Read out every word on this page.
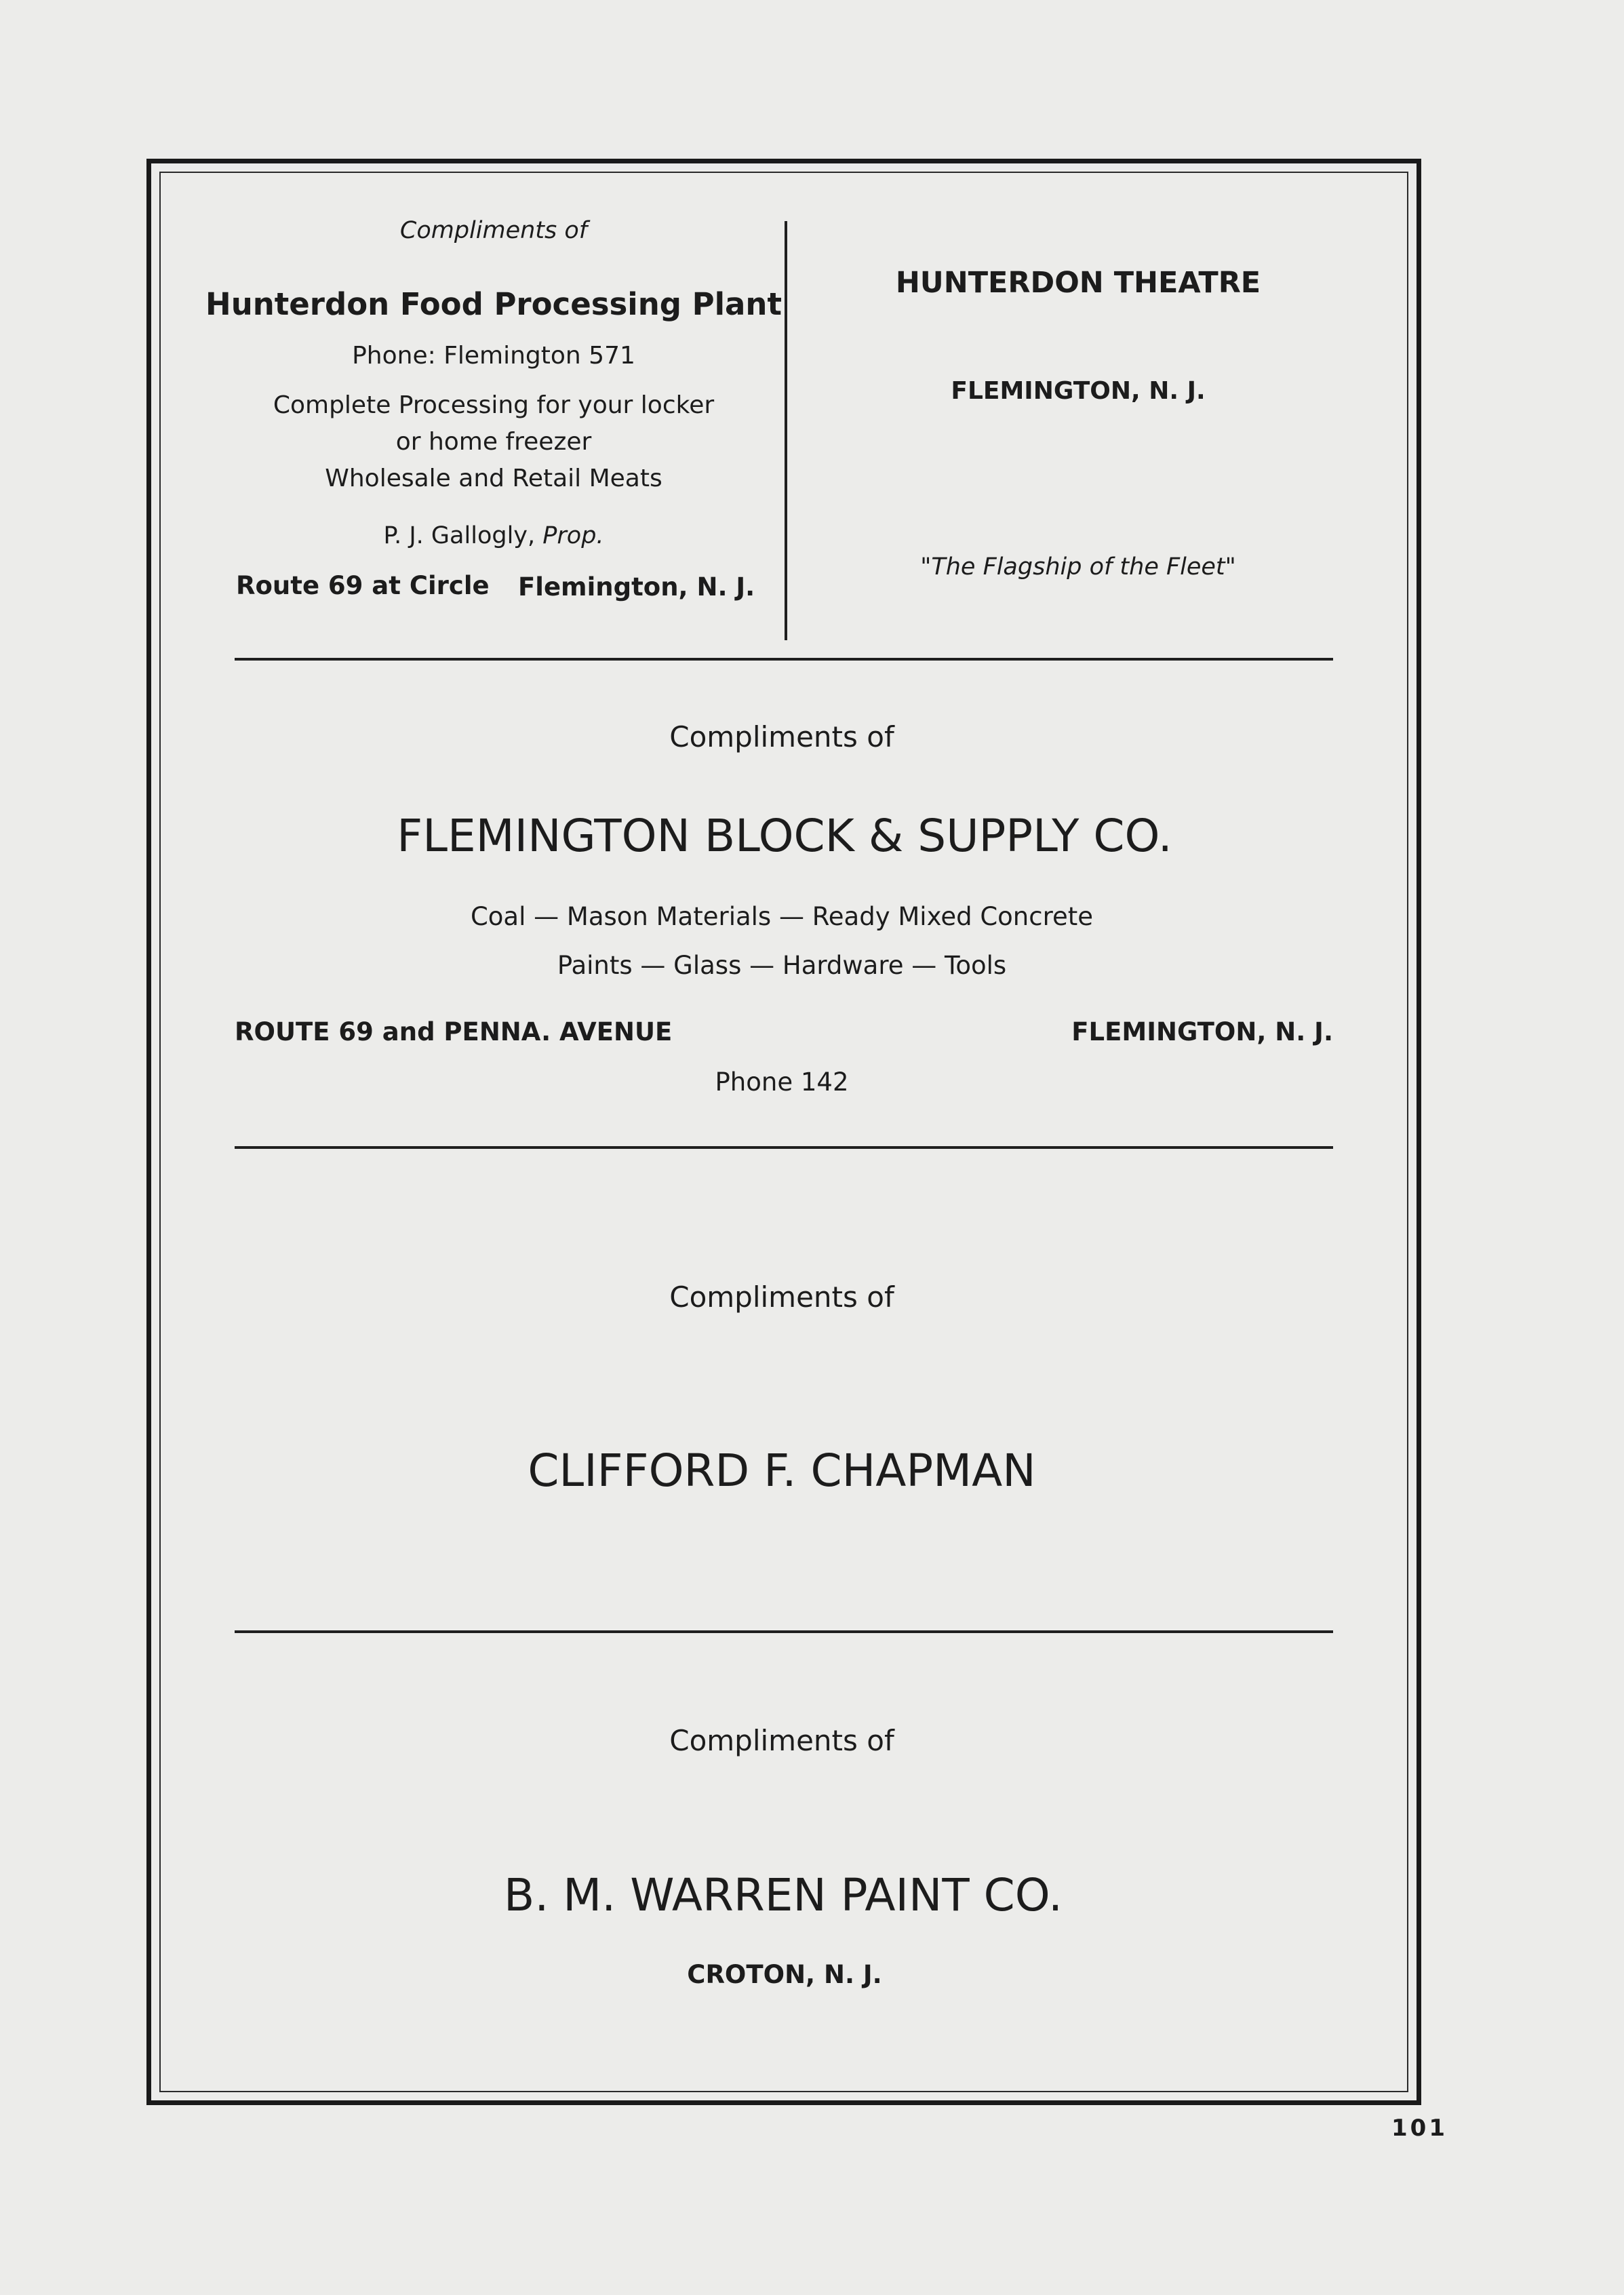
Compliments of
Hunterdon Food Processing Plant
Phone: Flemington 571
Complete Processing for your locker
or home freezer
Wholesale and Retail Meats
P. J. Gallogly, Prop.
Route 69 at Circle Flemington, N. J.
HUNTERDON THEATRE
FLEMINGTON, N. J.
"The Flagship of the Fleet"
Compliments of
FLEMINGTON BLOCK & SUPPLY CO.
Coal — Mason Materials — Ready Mixed Concrete
Paints — Glass — Hardware — Tools
ROUTE 69 and PENNA. AVENUE	FLEMINGTON, N. J.
Phone 142
Compliments of
CLIFFORD F. CHAPMAN
Compliments of
B. M. WARREN PAINT CO.
CROTON, N. J.
101
